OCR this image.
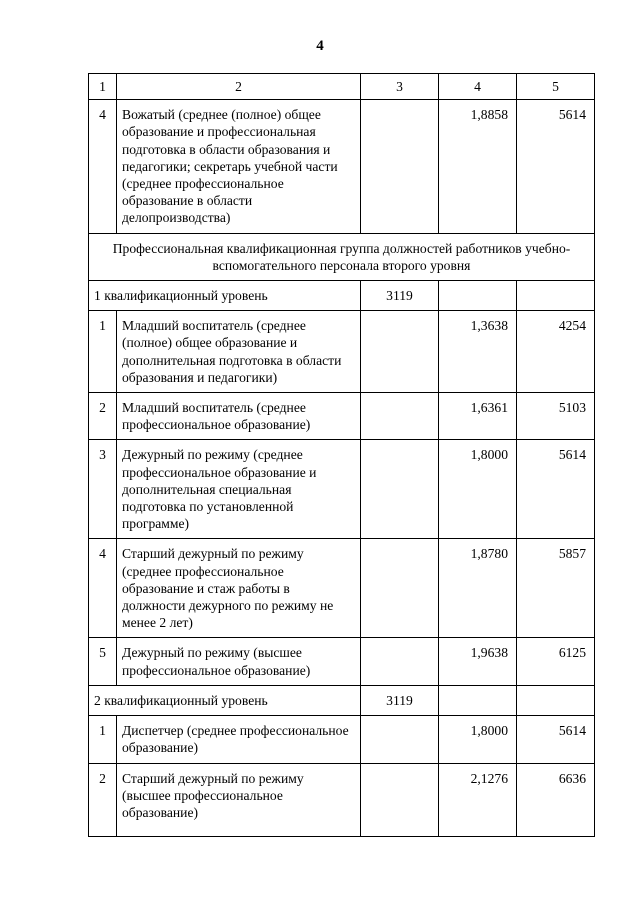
4
1	2	3	4	5
4	Вожатый (среднее (полное) общее образование и профессиональная подготовка в области образования и педагогики; секретарь учебной части (среднее профессиональное образование в области делопроизводства)		1,8858	5614
Профессиональная квалификационная группа должностей работников учебно-вспомогательного персонала второго уровня				
1 квалификационный уровень		3119		
1	Младший воспитатель (среднее (полное) общее образование и дополнительная подготовка в области образования и педагогики)		1,3638	4254
2	Младший воспитатель (среднее профессиональное образование)		1,6361	5103
3	Дежурный по режиму (среднее профессиональное образование и дополнительная специальная подготовка по установленной программе)		1,8000	5614
4	Старший дежурный по режиму (среднее профессиональное образование и стаж работы в должности дежурного по режиму не менее 2 лет)		1,8780	5857
5	Дежурный по режиму (высшее профессиональное образование)		1,9638	6125
2 квалификационный уровень		3119		
1	Диспетчер (среднее профессиональное образование)		1,8000	5614
2	Старший дежурный по режиму (высшее профессиональное образование)		2,1276	6636
